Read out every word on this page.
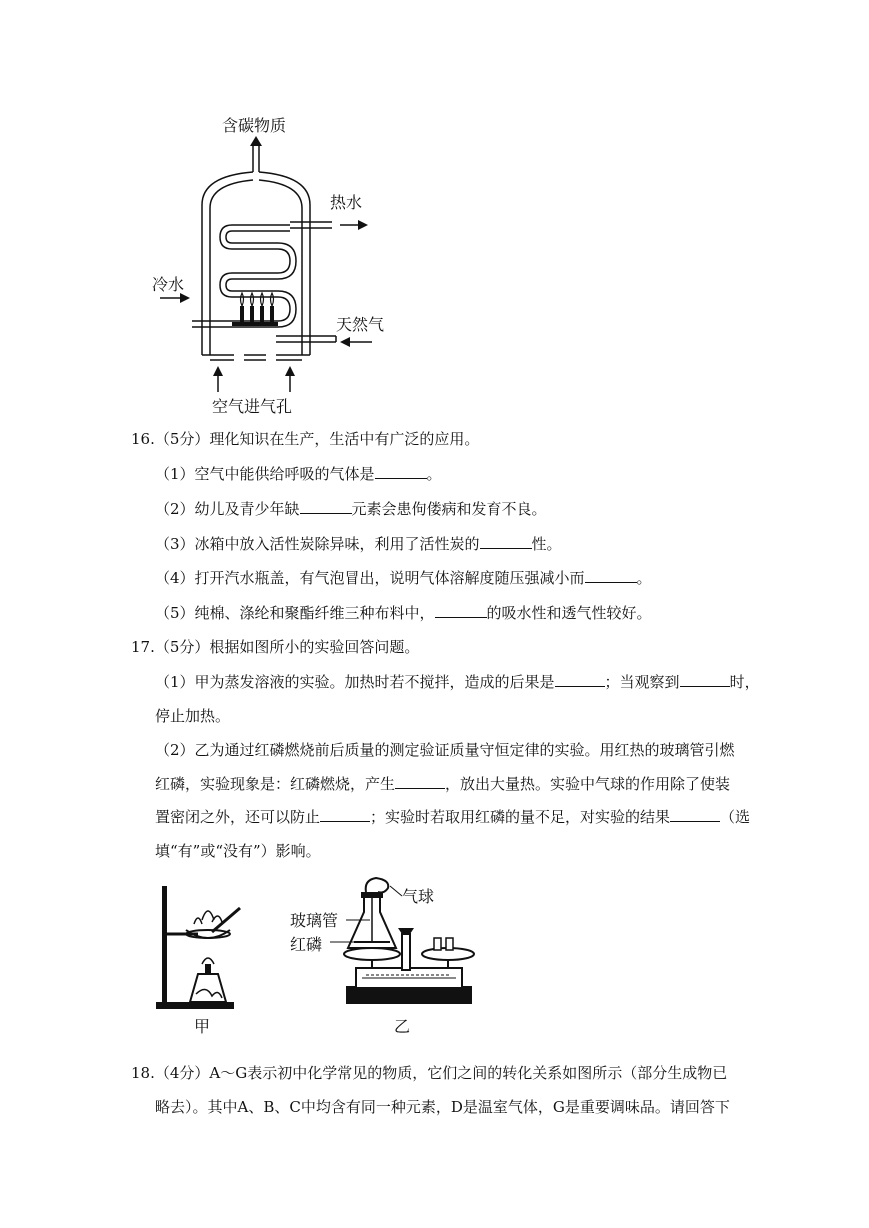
含碳物质
热水
冷水
天然气
空气进气孔
16.（5分）理化知识在生产，生活中有广泛的应用。
（1）空气中能供给呼吸的气体是	。
（2）幼儿及青少年缺	元素会患佝偻病和发育不良。
（3）冰箱中放入活性炭除异味，利用了活性炭的	性。
（4）打开汽水瓶盖，有气泡冒出，说明气体溶解度随压强减小而	。
（5）纯棉、涤纶和聚酯纤维三种布料中，	的吸水性和透气性较好。
17.（5分）根据如图所小的实验回答问题。
（1）甲为蒸发溶液的实验。加热时若不搅拌，造成的后果是	；当观察到	时，
停止加热。
（2）乙为通过红磷燃烧前后质量的测定验证质量守恒定律的实验。用红热的玻璃管引燃
红磷，实验现象是：红磷燃烧，产生	，放出大量热。实验中气球的作用除了使装
置密闭之外，还可以防止	；实验时若取用红磷的量不足，对实验的结果	（选
填“有”或“没有”）影响。
甲
气球
玻璃管
红磷
乙
18.（4分）A～G表示初中化学常见的物质，它们之间的转化关系如图所示（部分生成物已
略去）。其中A、B、C中均含有同一种元素，D是温室气体，G是重要调味品。请回答下
